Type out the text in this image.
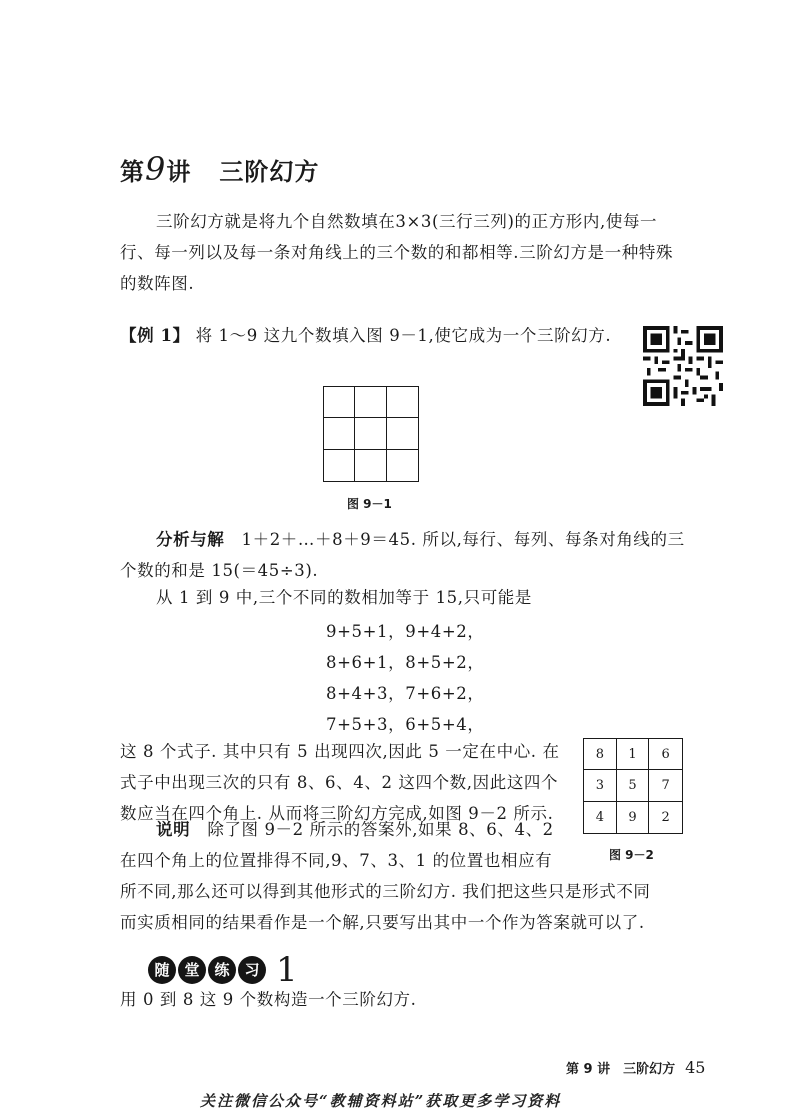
第9讲 三阶幻方
三阶幻方就是将九个自然数填在3×3(三行三列)的正方形内,使每一行、每一列以及每一条对角线上的三个数的和都相等.三阶幻方是一种特殊的数阵图.
【例 1】 将 1～9 这九个数填入图 9－1,使它成为一个三阶幻方.
图 9－1
分析与解　 1＋2＋…＋8＋9＝45. 所以,每行、每列、每条对角线的三个数的和是 15(＝45÷3).
从 1 到 9 中,三个不同的数相加等于 15,只可能是
9+5+1，9+4+2，
8+6+1，8+5+2，
8+4+3，7+6+2，
7+5+3，6+5+4，
这 8 个式子. 其中只有 5 出现四次,因此 5 一定在中心. 在式子中出现三次的只有 8、6、4、2 这四个数,因此这四个数应当在四个角上. 从而将三阶幻方完成,如图 9－2 所示.
8	1	6
3	5	7
4	9	2
图 9－2
说明　 除了图 9－2 所示的答案外,如果 8、6、4、2
在四个角上的位置排得不同,9、7、3、1 的位置也相应有
所不同,那么还可以得到其他形式的三阶幻方. 我们把这些只是形式不同
而实质相同的结果看作是一个解,只要写出其中一个作为答案就可以了.
随 堂 练 习 1
用 0 到 8 这 9 个数构造一个三阶幻方.
第 9 讲　三阶幻方 45
关注微信公众号“教辅资料站”获取更多学习资料
